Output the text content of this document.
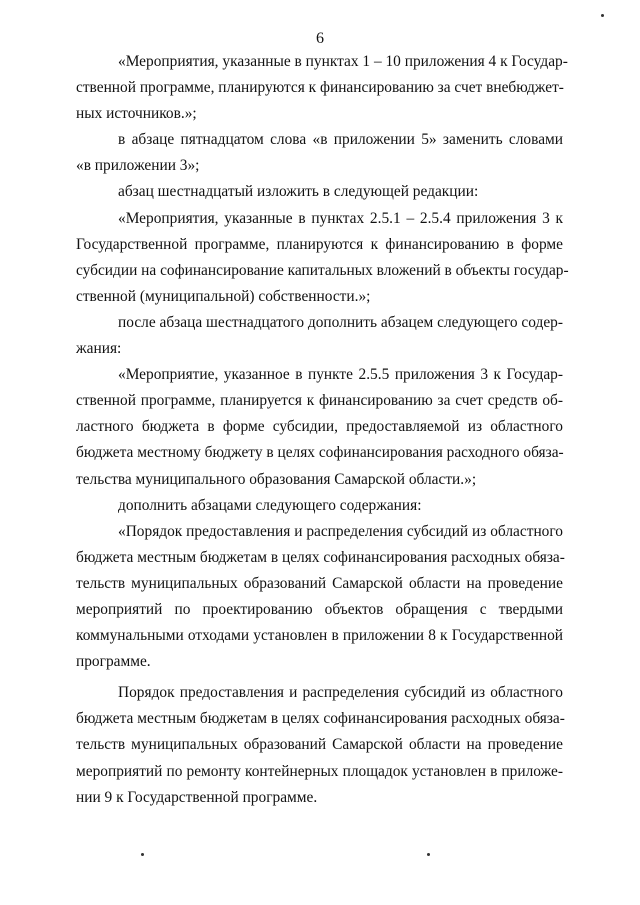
6
«Мероприятия, указанные в пунктах 1 – 10 приложения 4 к Государ-
ственной программе, планируются к финансированию за счет внебюджет-
ных источников.»;
в абзаце пятнадцатом слова «в приложении 5» заменить словами
«в приложении 3»;
абзац шестнадцатый изложить в следующей редакции:
«Мероприятия, указанные в пунктах 2.5.1 – 2.5.4 приложения 3 к
Государственной программе, планируются к финансированию в форме
субсидии на софинансирование капитальных вложений в объекты государ-
ственной (муниципальной) собственности.»;
после абзаца шестнадцатого дополнить абзацем следующего содер-
жания:
«Мероприятие, указанное в пункте 2.5.5 приложения 3 к Государ-
ственной программе, планируется к финансированию за счет средств об-
ластного бюджета в форме субсидии, предоставляемой из областного
бюджета местному бюджету в целях софинансирования расходного обяза-
тельства муниципального образования Самарской области.»;
дополнить абзацами следующего содержания:
«Порядок предоставления и распределения субсидий из областного
бюджета местным бюджетам в целях софинансирования расходных обяза-
тельств муниципальных образований Самарской области на проведение
мероприятий по проектированию объектов обращения с твердыми
коммунальными отходами установлен в приложении 8 к Государственной
программе.
Порядок предоставления и распределения субсидий из областного
бюджета местным бюджетам в целях софинансирования расходных обяза-
тельств муниципальных образований Самарской области на проведение
мероприятий по ремонту контейнерных площадок установлен в приложе-
нии 9 к Государственной программе.
